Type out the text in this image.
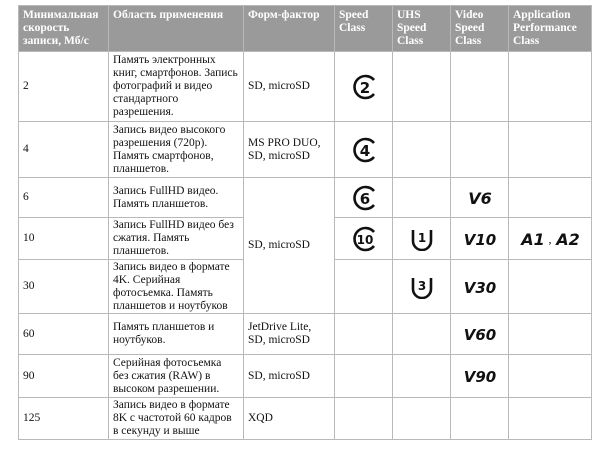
Минимальная скорость записи, Мб/с	Область применения	Форм-фактор	Speed Class	UHS Speed Class	Video Speed Class	Application Performance Class
2	Память электронных книг, смартфонов. Запись фотографий и видео стандартного разрешения.	SD, microSD	2			

4	Запись видео высокого разрешения (720p). Память смартфонов, планшетов.	MS PRO DUO, SD, microSD	4			

6	Запись FullHD видео. Память планшетов.	SD, microSD	6		V6	

10	Запись FullHD видео без сжатия. Память планшетов.		10	1	V10	A1 , A2

30	Запись видео в формате 4K. Серийная фотосъемка. Память планшетов и ноутбуков			3	V30	

60	Память планшетов и ноутбуков.	JetDrive Lite, SD, microSD			V60	

90	Серийная фотосъемка без сжатия (RAW) в высоком разрешении.	SD, microSD			V90	

125	Запись видео в формате 8K с частотой 60 кадров в секунду и выше	XQD				
